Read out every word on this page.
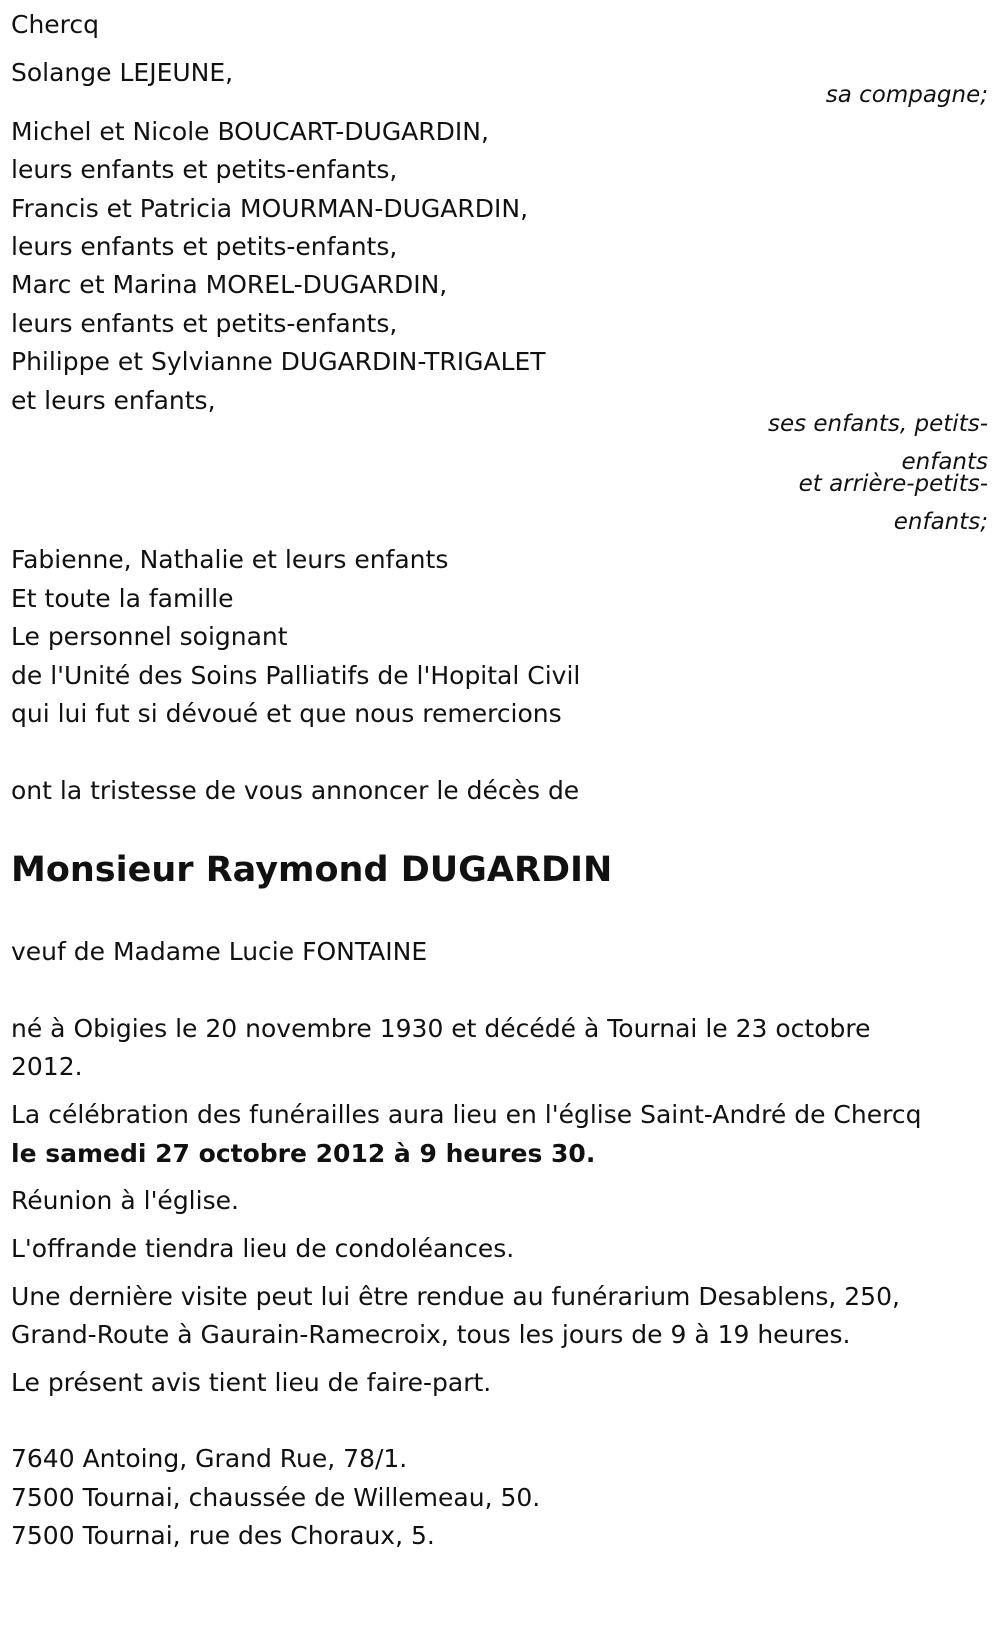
Chercq

Solange LEJEUNE,

sa compagne;

Michel et Nicole BOUCART-DUGARDIN,

leurs enfants et petits-enfants,

Francis et Patricia MOURMAN-DUGARDIN,

leurs enfants et petits-enfants,

Marc et Marina MOREL-DUGARDIN,

leurs enfants et petits-enfants,

Philippe et Sylvianne DUGARDIN-TRIGALET

et leurs enfants,

ses enfants, petits-

enfants

et arrière-petits-

enfants;

Fabienne, Nathalie et leurs enfants

Et toute la famille

Le personnel soignant

de l'Unité des Soins Palliatifs de l'Hopital Civil

qui lui fut si dévoué et que nous remercions

ont la tristesse de vous annoncer le décès de

Monsieur Raymond DUGARDIN

veuf de Madame Lucie FONTAINE

né à Obigies le 20 novembre 1930 et décédé à Tournai le 23 octobre

2012.

La célébration des funérailles aura lieu en l'église Saint-André de Chercq

le samedi 27 octobre 2012 à 9 heures 30.

Réunion à l'église.

L'offrande tiendra lieu de condoléances.

Une dernière visite peut lui être rendue au funérarium Desablens, 250,

Grand-Route à Gaurain-Ramecroix, tous les jours de 9 à 19 heures.

Le présent avis tient lieu de faire-part.

7640 Antoing, Grand Rue, 78/1.

7500 Tournai, chaussée de Willemeau, 50.

7500 Tournai, rue des Choraux, 5.
